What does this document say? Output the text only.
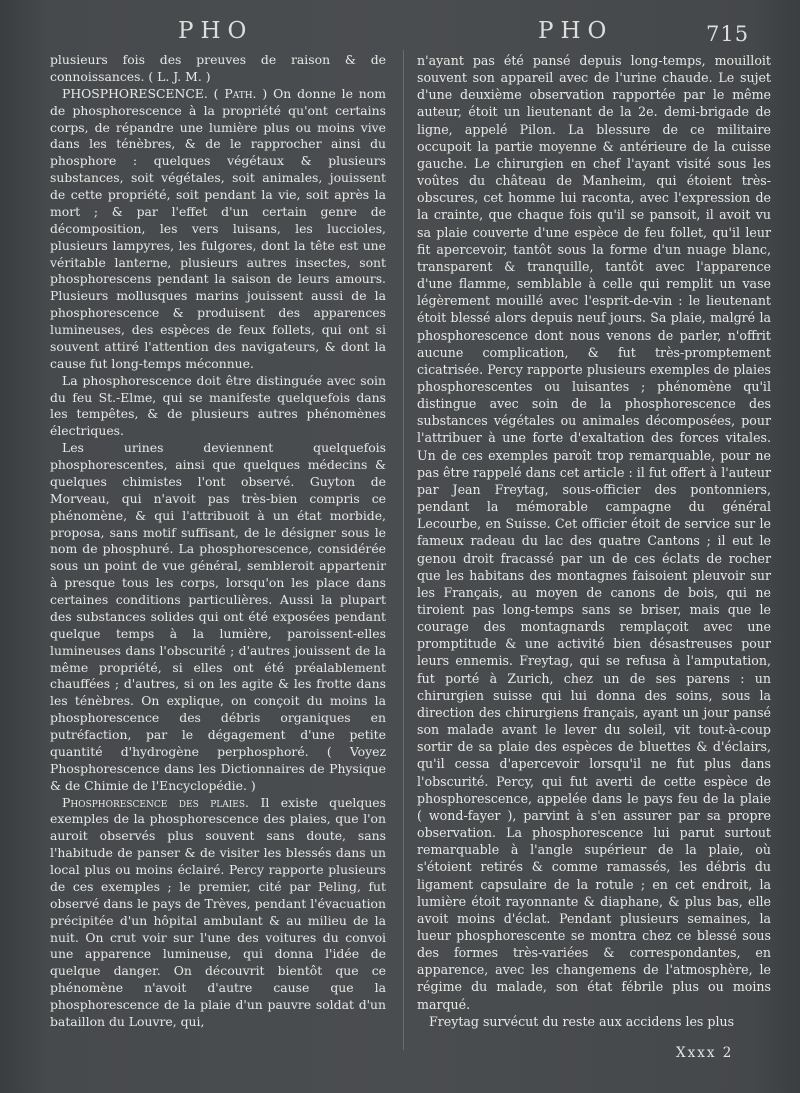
PHO	PHO	715

plusieurs fois des preuves de raison & de connoissances. ( L. J. M. )

PHOSPHORESCENCE. ( Path. ) On donne le nom de phosphorescence à la propriété qu'ont certains corps, de répandre une lumière plus ou moins vive dans les ténèbres, & de le rapprocher ainsi du phosphore : quelques végétaux & plusieurs substances, soit végétales, soit animales, jouissent de cette propriété, soit pendant la vie, soit après la mort ; & par l'effet d'un certain genre de décomposition, les vers luisans, les luccioles, plusieurs lampyres, les fulgores, dont la tête est une véritable lanterne, plusieurs autres insectes, sont phosphorescens pendant la saison de leurs amours. Plusieurs mollusques marins jouissent aussi de la phosphorescence & produisent des apparences lumineuses, des espèces de feux follets, qui ont si souvent attiré l'attention des navigateurs, & dont la cause fut long-temps méconnue.

La phosphorescence doit être distinguée avec soin du feu St.-Elme, qui se manifeste quelquefois dans les tempêtes, & de plusieurs autres phénomènes électriques.

Les urines deviennent quelquefois phosphorescentes, ainsi que quelques médecins & quelques chimistes l'ont observé. Guyton de Morveau, qui n'avoit pas très-bien compris ce phénomène, & qui l'attribuoit à un état morbide, proposa, sans motif suffisant, de le désigner sous le nom de phosphuré. La phosphorescence, considérée sous un point de vue général, sembleroit appartenir à presque tous les corps, lorsqu'on les place dans certaines conditions particulières. Aussi la plupart des substances solides qui ont été exposées pendant quelque temps à la lumière, paroissent-elles lumineuses dans l'obscurité ; d'autres jouissent de la même propriété, si elles ont été préalablement chauffées ; d'autres, si on les agite & les frotte dans les ténèbres. On explique, on conçoit du moins la phosphorescence des débris organiques en putréfaction, par le dégagement d'une petite quantité d'hydrogène perphosphoré. ( Voyez Phosphorescence dans les Dictionnaires de Physique & de Chimie de l'Encyclopédie. )

Phosphorescence des plaies. Il existe quelques exemples de la phosphorescence des plaies, que l'on auroit observés plus souvent sans doute, sans l'habitude de panser & de visiter les blessés dans un local plus ou moins éclairé. Percy rapporte plusieurs de ces exemples ; le premier, cité par Peling, fut observé dans le pays de Trèves, pendant l'évacuation précipitée d'un hôpital ambulant & au milieu de la nuit. On crut voir sur l'une des voitures du convoi une apparence lumineuse, qui donna l'idée de quelque danger. On découvrit bientôt que ce phénomène n'avoit d'autre cause que la phosphorescence de la plaie d'un pauvre soldat d'un bataillon du Louvre, qui,

n'ayant pas été pansé depuis long-temps, mouilloit souvent son appareil avec de l'urine chaude. Le sujet d'une deuxième observation rapportée par le même auteur, étoit un lieutenant de la 2e. demi-brigade de ligne, appelé Pilon. La blessure de ce militaire occupoit la partie moyenne & antérieure de la cuisse gauche. Le chirurgien en chef l'ayant visité sous les voûtes du château de Manheim, qui étoient très-obscures, cet homme lui raconta, avec l'expression de la crainte, que chaque fois qu'il se pansoit, il avoit vu sa plaie couverte d'une espèce de feu follet, qu'il leur fit apercevoir, tantôt sous la forme d'un nuage blanc, transparent & tranquille, tantôt avec l'apparence d'une flamme, semblable à celle qui remplit un vase légèrement mouillé avec l'esprit-de-vin : le lieutenant étoit blessé alors depuis neuf jours. Sa plaie, malgré la phosphorescence dont nous venons de parler, n'offrit aucune complication, & fut très-promptement cicatrisée. Percy rapporte plusieurs exemples de plaies phosphorescentes ou luisantes ; phénomène qu'il distingue avec soin de la phosphorescence des substances végétales ou animales décomposées, pour l'attribuer à une forte d'exaltation des forces vitales. Un de ces exemples paroît trop remarquable, pour ne pas être rappelé dans cet article : il fut offert à l'auteur par Jean Freytag, sous-officier des pontonniers, pendant la mémorable campagne du général Lecourbe, en Suisse. Cet officier étoit de service sur le fameux radeau du lac des quatre Cantons ; il eut le genou droit fracassé par un de ces éclats de rocher que les habitans des montagnes faisoient pleuvoir sur les Français, au moyen de canons de bois, qui ne tiroient pas long-temps sans se briser, mais que le courage des montagnards remplaçoit avec une promptitude & une activité bien désastreuses pour leurs ennemis. Freytag, qui se refusa à l'amputation, fut porté à Zurich, chez un de ses parens : un chirurgien suisse qui lui donna des soins, sous la direction des chirurgiens français, ayant un jour pansé son malade avant le lever du soleil, vit tout-à-coup sortir de sa plaie des espèces de bluettes & d'éclairs, qu'il cessa d'apercevoir lorsqu'il ne fut plus dans l'obscurité. Percy, qui fut averti de cette espèce de phosphorescence, appelée dans le pays feu de la plaie ( wond-fayer ), parvint à s'en assurer par sa propre observation. La phosphorescence lui parut surtout remarquable à l'angle supérieur de la plaie, où s'étoient retirés & comme ramassés, les débris du ligament capsulaire de la rotule ; en cet endroit, la lumière étoit rayonnante & diaphane, & plus bas, elle avoit moins d'éclat. Pendant plusieurs semaines, la lueur phosphorescente se montra chez ce blessé sous des formes très-variées & correspondantes, en apparence, avec les changemens de l'atmosphère, le régime du malade, son état fébrile plus ou moins marqué.

Freytag survécut du reste aux accidens les plus

Xxxx 2
